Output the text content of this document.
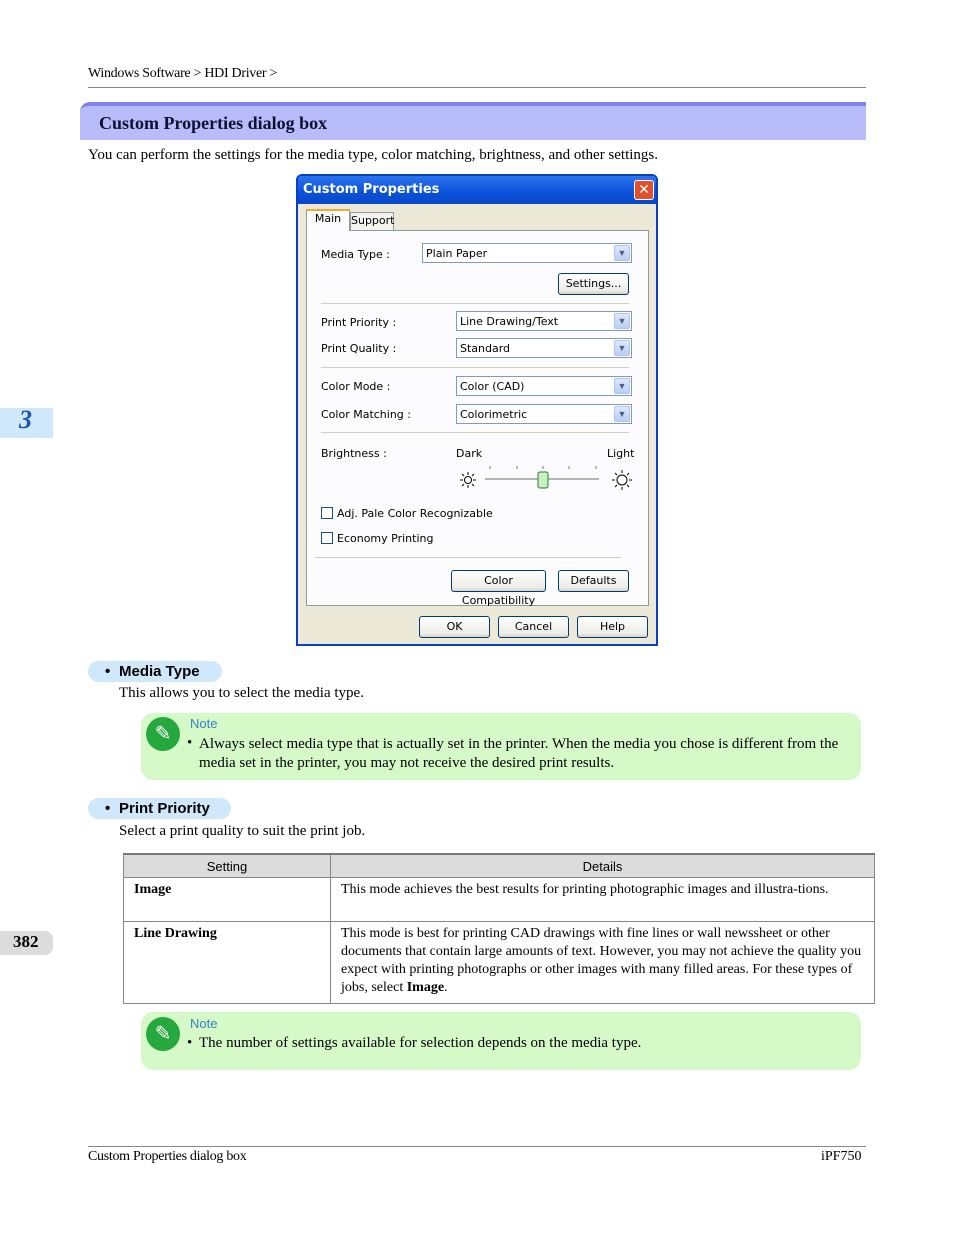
Windows Software > HDI Driver >
Custom Properties dialog box
You can perform the settings for the media type, color matching, brightness, and other settings.
Custom Properties	✕
Main Support
Media Type :	Plain Paper	▼
Settings...
Print Priority :	Line Drawing/Text	▼
Print Quality :	Standard	▼
Color Mode :	Color (CAD)	▼
Color Matching :	Colorimetric	▼
Brightness :	Dark	Light
Adj. Pale Color Recognizable
Economy Printing
Color Compatibility
Defaults
OK	Cancel	Help
• Media Type
This allows you to select the media type.
✎	Note
• Always select media type that is actually set in the printer. When the media you chose is different from the media set in the printer, you may not receive the desired print results.
• Print Priority
Select a print quality to suit the print job.
Setting	Details
Image	This mode achieves the best results for printing photographic images and illustra-tions.
Line Drawing	This mode is best for printing CAD drawings with fine lines or wall newssheet or other documents that contain large amounts of text. However, you may not achieve the quality you expect with printing photographs or other images with many filled areas. For these types of jobs, select Image.
✎	Note
• The number of settings available for selection depends on the media type.
3
382
Custom Properties dialog box	iPF750
